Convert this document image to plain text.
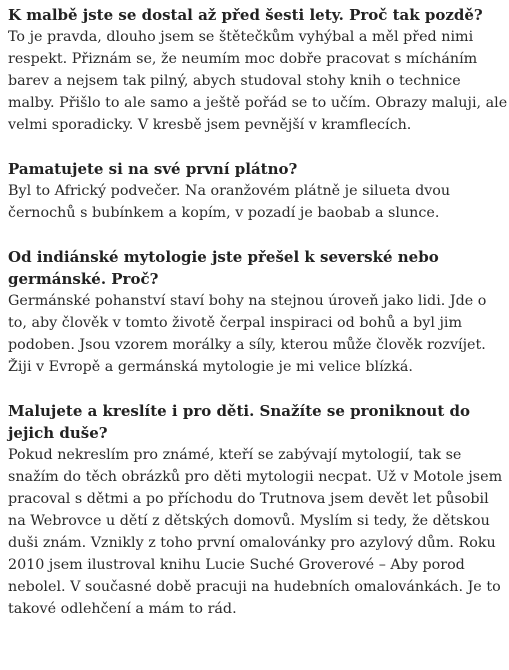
K malbě jste se dostal až před šesti lety. Proč tak pozdě?

To je pravda, dlouho jsem se štětečkům vyhýbal a měl před nimi respekt. Přiznám se, že neumím moc dobře pracovat s mícháním barev a nejsem tak pilný, abych studoval stohy knih o technice malby. Přišlo to ale samo a ještě pořád se to učím. Obrazy maluji, ale velmi sporadicky. V kresbě jsem pevnější v kramflecích.

Pamatujete si na své první plátno?

Byl to Africký podvečer. Na oranžovém plátně je silueta dvou černochů s bubínkem a kopím, v pozadí je baobab a slunce.

Od indiánské mytologie jste přešel k severské nebo germánské. Proč?

Germánské pohanství staví bohy na stejnou úroveň jako lidi. Jde o to, aby člověk v tomto životě čerpal inspiraci od bohů a byl jim podoben. Jsou vzorem morálky a síly, kterou může člověk rozvíjet. Žiji v Evropě a germánská mytologie je mi velice blízká.

Malujete a kreslíte i pro děti. Snažíte se proniknout do jejich duše?

Pokud nekreslím pro známé, kteří se zabývají mytologií, tak se snažím do těch obrázků pro děti mytologii necpat. Už v Motole jsem pracoval s dětmi a po příchodu do Trutnova jsem devět let působil na Webrovce u dětí z dětských domovů. Myslím si tedy, že dětskou duši znám. Vznikly z toho první omalovánky pro azylový dům. Roku 2010 jsem ilustroval knihu Lucie Suché Groverové – Aby porod nebolel. V současné době pracuji na hudebních omalovánkách. Je to takové odlehčení a mám to rád.
